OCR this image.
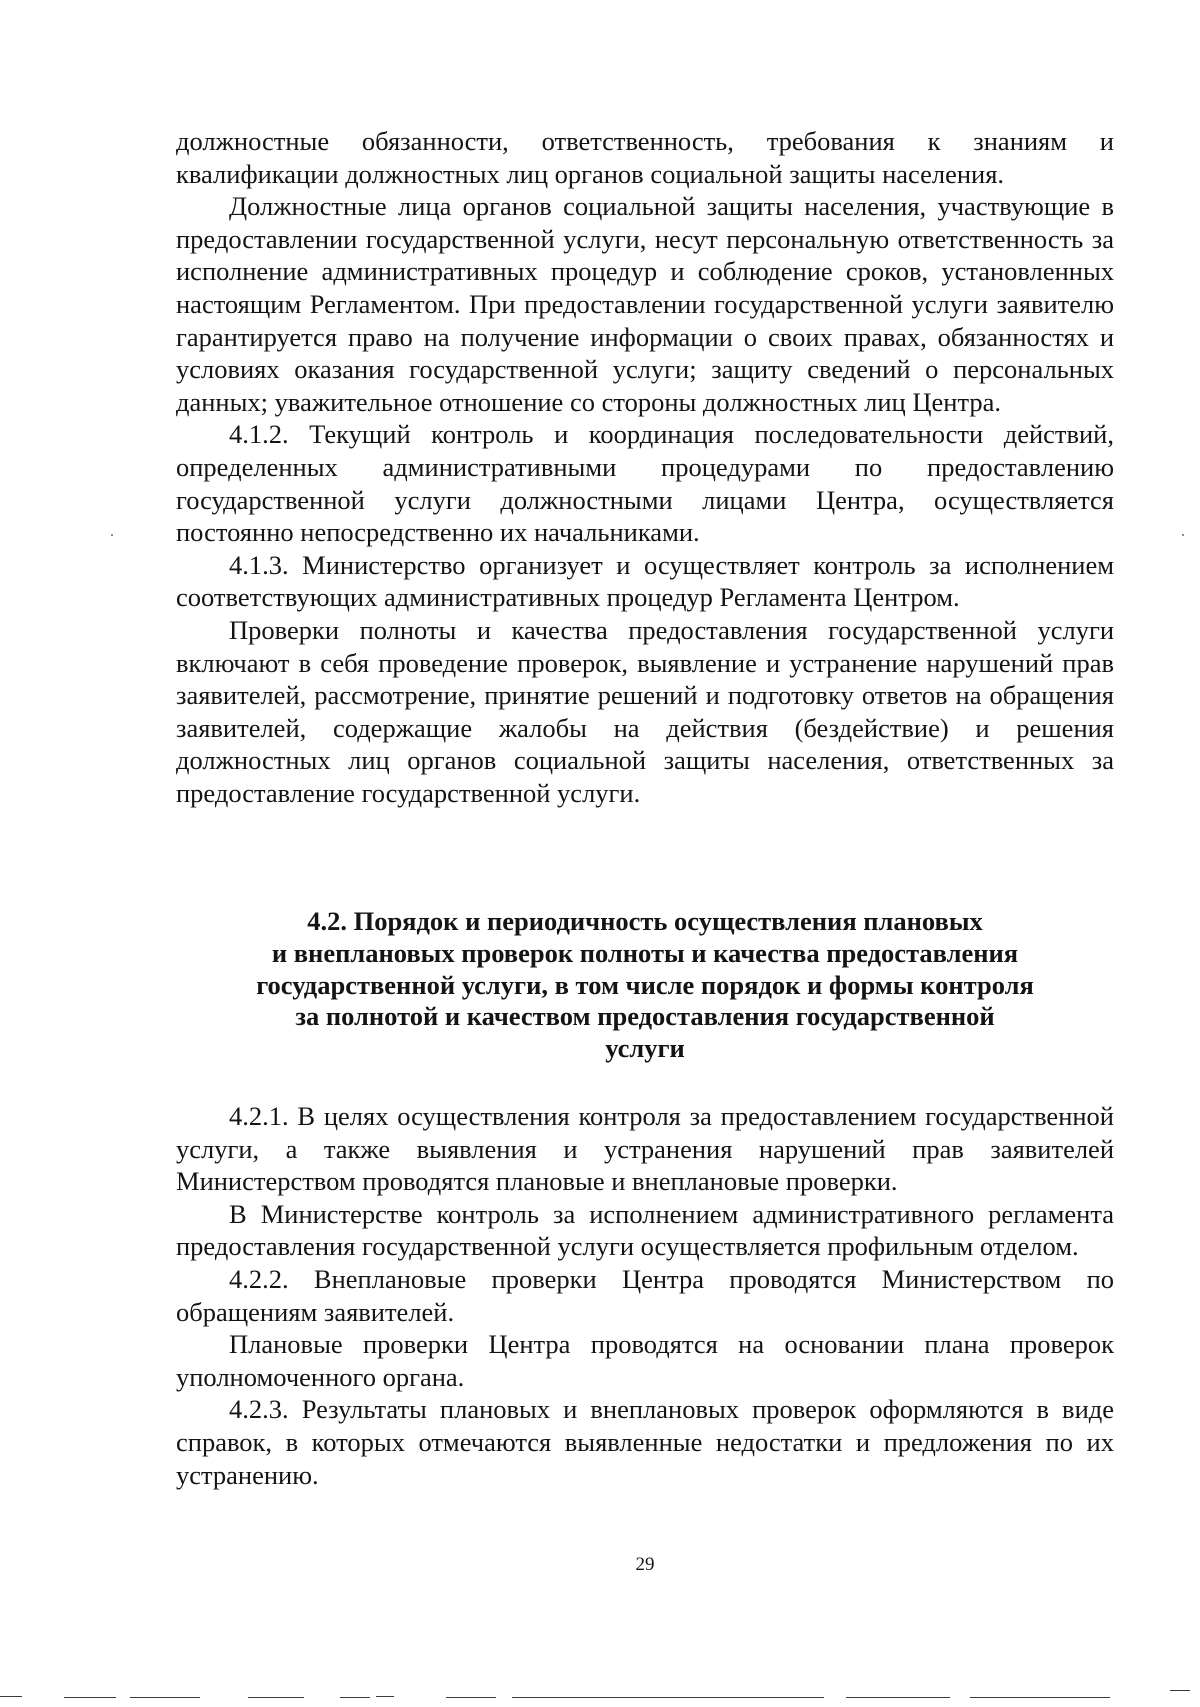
должностные обязанности, ответственность, требования к знаниям и квалификации должностных лиц органов социальной защиты населения.

Должностные лица органов социальной защиты населения, участвующие в предоставлении государственной услуги, несут персональную ответственность за исполнение административных процедур и соблюдение сроков, установленных настоящим Регламентом. При предоставлении государственной услуги заявителю гарантируется право на получение информации о своих правах, обязанностях и условиях оказания государственной услуги; защиту сведений о персональных данных; уважительное отношение со стороны должностных лиц Центра.

4.1.2. Текущий контроль и координация последовательности действий, определенных административными процедурами по предоставлению государственной услуги должностными лицами Центра, осуществляется постоянно непосредственно их начальниками.

4.1.3. Министерство организует и осуществляет контроль за исполнением соответствующих административных процедур Регламента Центром.

Проверки полноты и качества предоставления государственной услуги включают в себя проведение проверок, выявление и устранение нарушений прав заявителей, рассмотрение, принятие решений и подготовку ответов на обращения заявителей, содержащие жалобы на действия (бездействие) и решения должностных лиц органов социальной защиты населения, ответственных за предоставление государственной услуги.

4.2. Порядок и периодичность осуществления плановых
и внеплановых проверок полноты и качества предоставления
государственной услуги, в том числе порядок и формы контроля
за полнотой и качеством предоставления государственной
услуги

4.2.1. В целях осуществления контроля за предоставлением государственной услуги, а также выявления и устранения нарушений прав заявителей Министерством проводятся плановые и внеплановые проверки.

В Министерстве контроль за исполнением административного регламента предоставления государственной услуги осуществляется профильным отделом.

4.2.2. Внеплановые проверки Центра проводятся Министерством по обращениям заявителей.

Плановые проверки Центра проводятся на основании плана проверок уполномоченного органа.

4.2.3. Результаты плановых и внеплановых проверок оформляются в виде справок, в которых отмечаются выявленные недостатки и предложения по их устранению.

29
